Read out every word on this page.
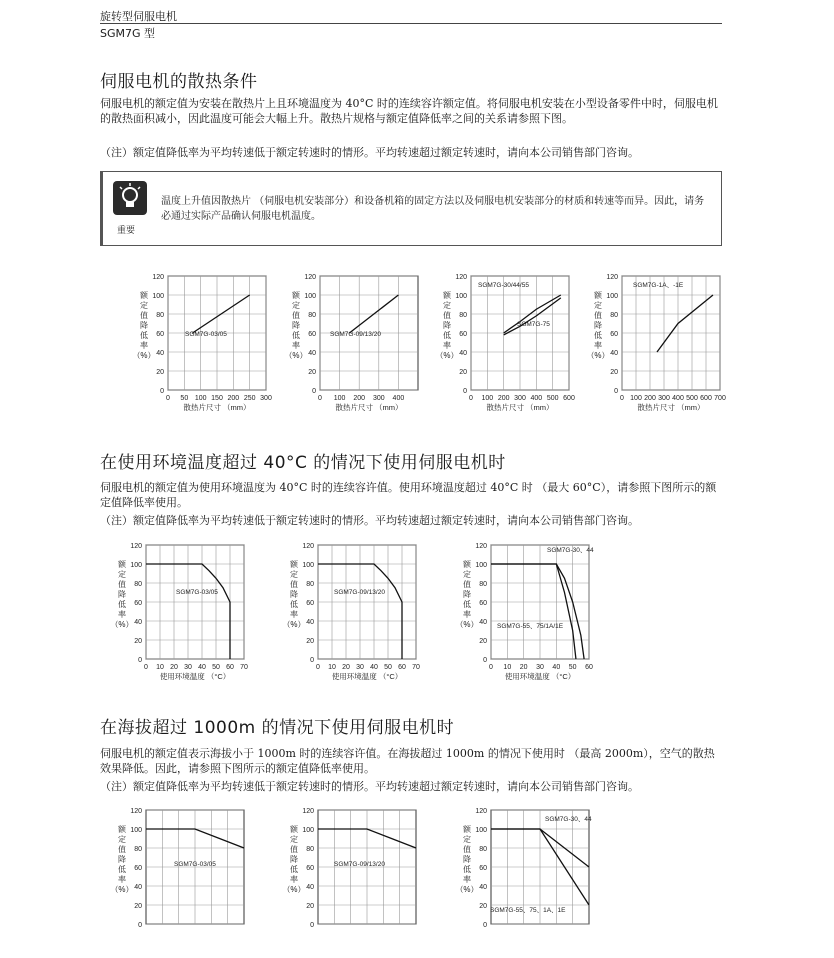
旋转型伺服电机
SGM7G 型
伺服电机的散热条件

伺服电机的额定值为安装在散热片上且环境温度为 40°C 时的连续容许额定值。将伺服电机安装在小型设备零件中时，伺服电机的散热面积减小，因此温度可能会大幅上升。散热片规格与额定值降低率之间的关系请参照下图。

（注）额定值降低率为平均转速低于额定转速时的情形。平均转速超过额定转速时，请向本公司销售部门咨询。

重要
温度上升值因散热片 （伺服电机安装部分）和设备机箱的固定方法以及伺服电机安装部分的材质和转速等而异。因此，请务必通过实际产品确认伺服电机温度。
0
20
40
60
80
100
120
0 50 100 150 200 250 300
额定值降低率（%）
散热片尺寸 （mm）
SGM7G-03/05
0
20
40
60
80
100
120
0 100 200 300 400
额定值降低率（%）
散热片尺寸 （mm）
SGM7G-09/13/20
0
20
40
60
80
100
120
0 100 200 300 400 500 600
额定值降低率（%）
散热片尺寸 （mm）
SGM7G-30/44/55
SGM7G-75
0
20
40
60
80
100
120
0 100 200 300 400 500 600 700
额定值降低率（%）
散热片尺寸 （mm）
SGM7G-1A、-1E
在使用环境温度超过 40°C 的情况下使用伺服电机时

伺服电机的额定值为使用环境温度为 40°C 时的连续容许值。使用环境温度超过 40°C 时 （最大 60°C），请参照下图所示的额定值降低率使用。

（注）额定值降低率为平均转速低于额定转速时的情形。平均转速超过额定转速时，请向本公司销售部门咨询。

0
20
40
60
80
100
120
0 10 20 30 40 50 60 70
额定值降低率（%）
使用环境温度 （°C）
SGM7G-03/05
0
20
40
60
80
100
120
0 10 20 30 40 50 60 70
额定值降低率（%）
使用环境温度 （°C）
SGM7G-09/13/20
0
20
40
60
80
100
120
0 10 20 30 40 50 60
额定值降低率（%）
使用环境温度 （°C）
SGM7G-30、44
SGM7G-55、75/1A/1E
在海拔超过 1000m 的情况下使用伺服电机时

伺服电机的额定值表示海拔小于 1000m 时的连续容许值。在海拔超过 1000m 的情况下使用时 （最高 2000m），空气的散热效果降低。因此，请参照下图所示的额定值降低率使用。

（注）额定值降低率为平均转速低于额定转速时的情形。平均转速超过额定转速时，请向本公司销售部门咨询。

0
20
40
60
80
100
120
额定值降低率（%）
SGM7G-03/05
0
20
40
60
80
100
120
额定值降低率（%）
SGM7G-09/13/20
0
20
40
60
80
100
120
额定值降低率（%）
SGM7G-30、44
SGM7G-55、75、1A、1E
